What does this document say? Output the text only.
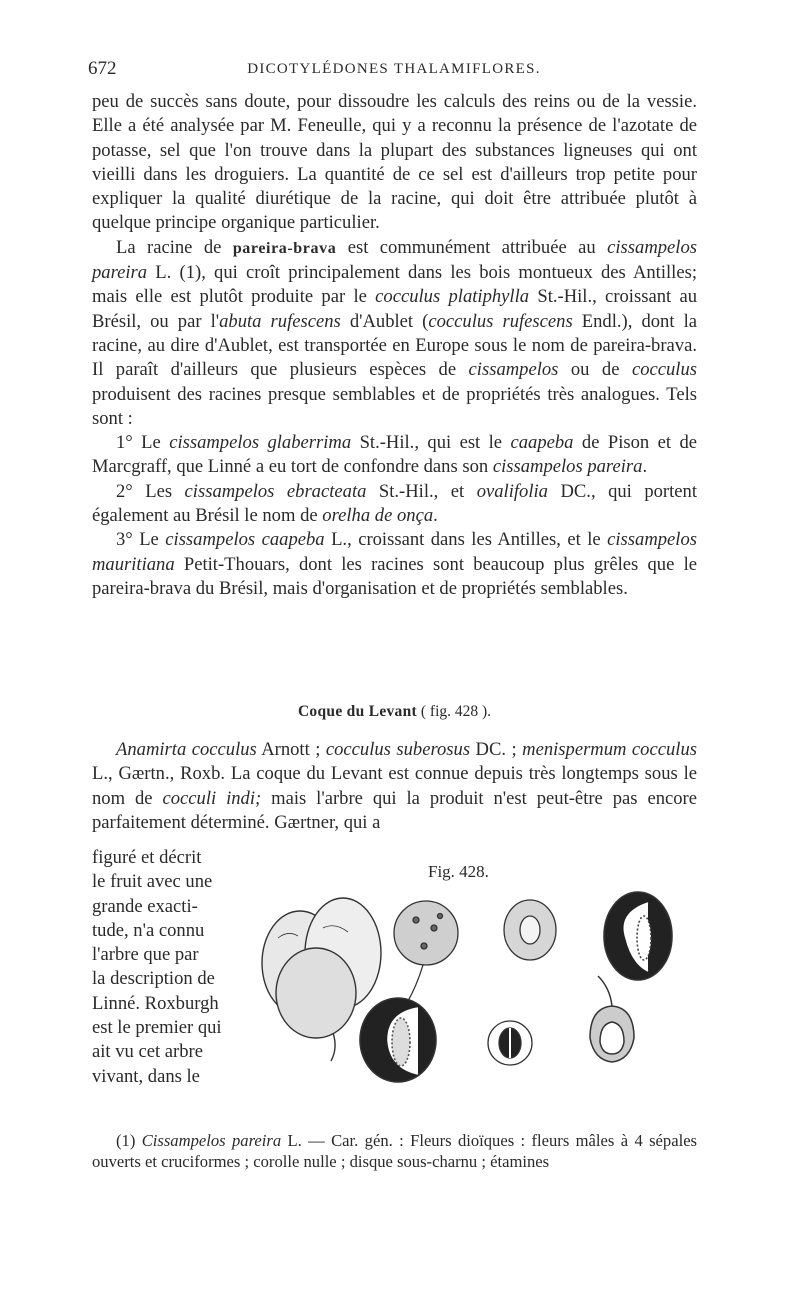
672	DICOTYLÉDONES THALAMIFLORES.

peu de succès sans doute, pour dissoudre les calculs des reins ou de la vessie. Elle a été analysée par M. Feneulle, qui y a reconnu la présence de l'azotate de potasse, sel que l'on trouve dans la plupart des substances ligneuses qui ont vieilli dans les droguiers. La quantité de ce sel est d'ailleurs trop petite pour expliquer la qualité diurétique de la racine, qui doit être attribuée plutôt à quelque principe organique particulier.

La racine de pareira-brava est communément attribuée au cissampelos pareira L. (1), qui croît principalement dans les bois montueux des Antilles; mais elle est plutôt produite par le cocculus platiphylla St.-Hil., croissant au Brésil, ou par l'abuta rufescens d'Aublet (cocculus rufescens Endl.), dont la racine, au dire d'Aublet, est transportée en Europe sous le nom de pareira-brava. Il paraît d'ailleurs que plusieurs espèces de cissampelos ou de cocculus produisent des racines presque semblables et de propriétés très analogues. Tels sont :

1° Le cissampelos glaberrima St.-Hil., qui est le caapeba de Pison et de Marcgraff, que Linné a eu tort de confondre dans son cissampelos pareira.

2° Les cissampelos ebracteata St.-Hil., et ovalifolia DC., qui portent également au Brésil le nom de orelha de onça.

3° Le cissampelos caapeba L., croissant dans les Antilles, et le cissampelos mauritiana Petit-Thouars, dont les racines sont beaucoup plus grêles que le pareira-brava du Brésil, mais d'organisation et de propriétés semblables.

Coque du Levant ( fig. 428 ).

Anamirta cocculus Arnott ; cocculus suberosus DC. ; menispermum cocculus L., Gærtn., Roxb. La coque du Levant est connue depuis très longtemps sous le nom de cocculi indi; mais l'arbre qui la produit n'est peut-être pas encore parfaitement déterminé. Gærtner, qui a

figuré et décrit

le fruit avec une

grande exacti-

tude, n'a connu

l'arbre que par

la description de

Linné. Roxburgh

est le premier qui

ait vu cet arbre

vivant, dans le

Fig. 428.

(1) Cissampelos pareira L. — Car. gén. : Fleurs dioïques : fleurs mâles à 4 sépales ouverts et cruciformes ; corolle nulle ; disque sous-charnu ; étamines
